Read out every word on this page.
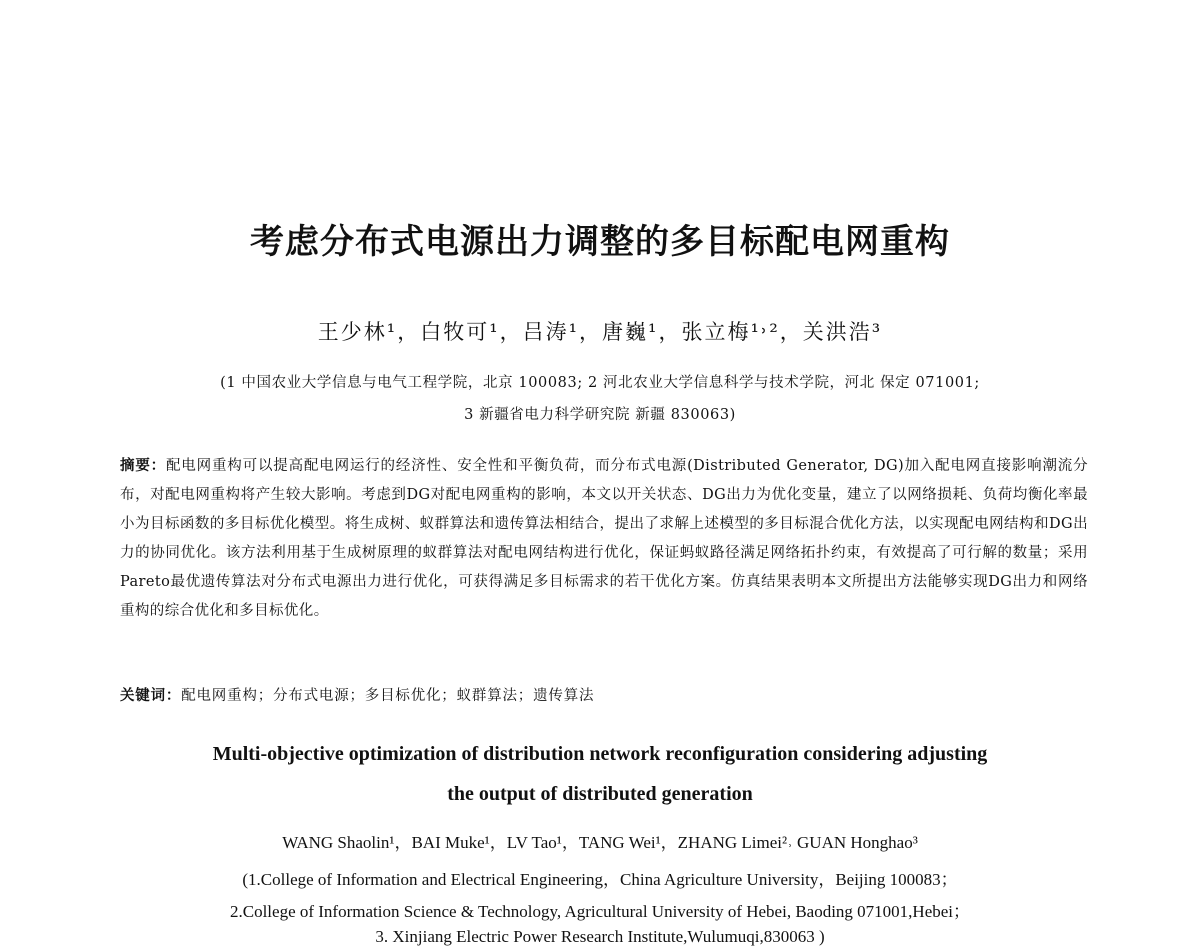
考虑分布式电源出力调整的多目标配电网重构
王少林¹，白牧可¹，吕涛¹，唐巍¹，张立梅¹˒²，关洪浩³
(1 中国农业大学信息与电气工程学院，北京 100083; 2 河北农业大学信息科学与技术学院，河北 保定 071001;
3 新疆省电力科学研究院 新疆 830063)
摘要：配电网重构可以提高配电网运行的经济性、安全性和平衡负荷，而分布式电源(Distributed Generator, DG)加入配电网直接影响潮流分布，对配电网重构将产生较大影响。考虑到DG对配电网重构的影响，本文以开关状态、DG出力为优化变量，建立了以网络损耗、负荷均衡化率最小为目标函数的多目标优化模型。将生成树、蚁群算法和遗传算法相结合，提出了求解上述模型的多目标混合优化方法，以实现配电网结构和DG出力的协同优化。该方法利用基于生成树原理的蚁群算法对配电网结构进行优化，保证蚂蚁路径满足网络拓扑约束，有效提高了可行解的数量；采用Pareto最优遗传算法对分布式电源出力进行优化，可获得满足多目标需求的若干优化方案。仿真结果表明本文所提出方法能够实现DG出力和网络重构的综合优化和多目标优化。
关键词：配电网重构；分布式电源；多目标优化；蚁群算法；遗传算法
Multi-objective optimization of distribution network reconfiguration considering adjusting
the output of distributed generation
WANG Shaolin¹，BAI Muke¹，LV Tao¹，TANG Wei¹，ZHANG Limei²˒ GUAN Honghao³
(1.College of Information and Electrical Engineering，China Agriculture University，Beijing 100083；
2.College of Information Science & Technology, Agricultural University of Hebei, Baoding 071001,Hebei；
3. Xinjiang Electric Power Research Institute,Wulumuqi,830063 )
